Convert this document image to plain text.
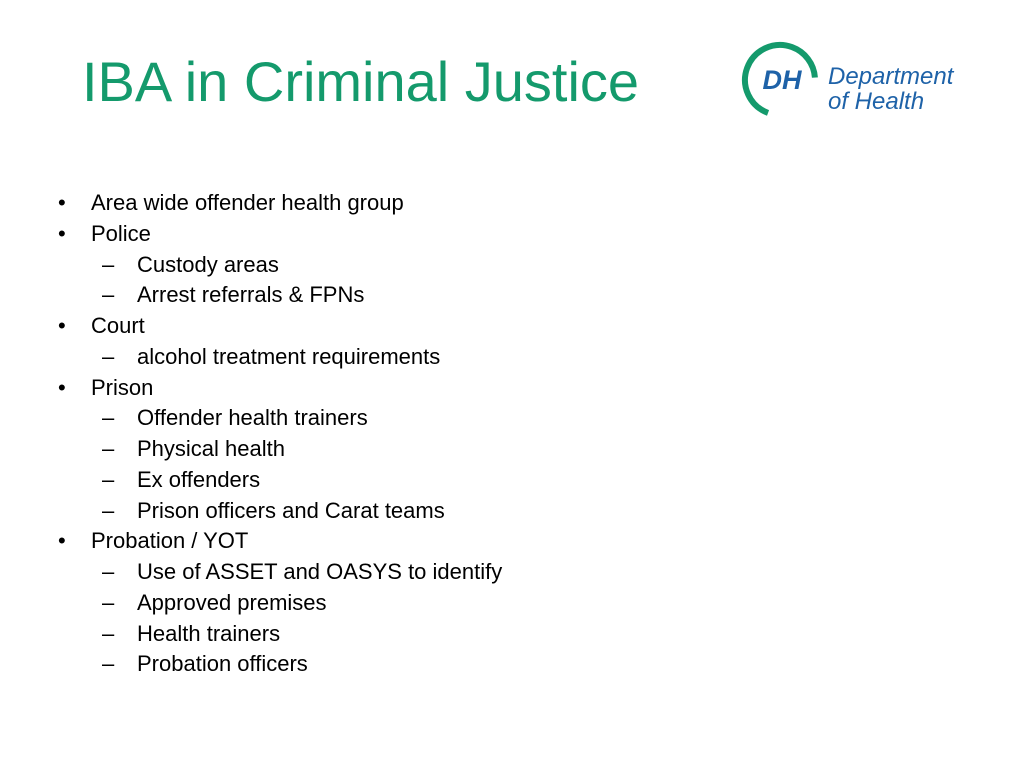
IBA in Criminal Justice	DH Department
of Health
• Area wide offender health group
• Police
– Custody areas
– Arrest referrals & FPNs
• Court
– alcohol treatment requirements
• Prison
– Offender health trainers
– Physical health
– Ex offenders
– Prison officers and Carat teams
• Probation / YOT
– Use of ASSET and OASYS to identify
– Approved premises
– Health trainers
– Probation officers
